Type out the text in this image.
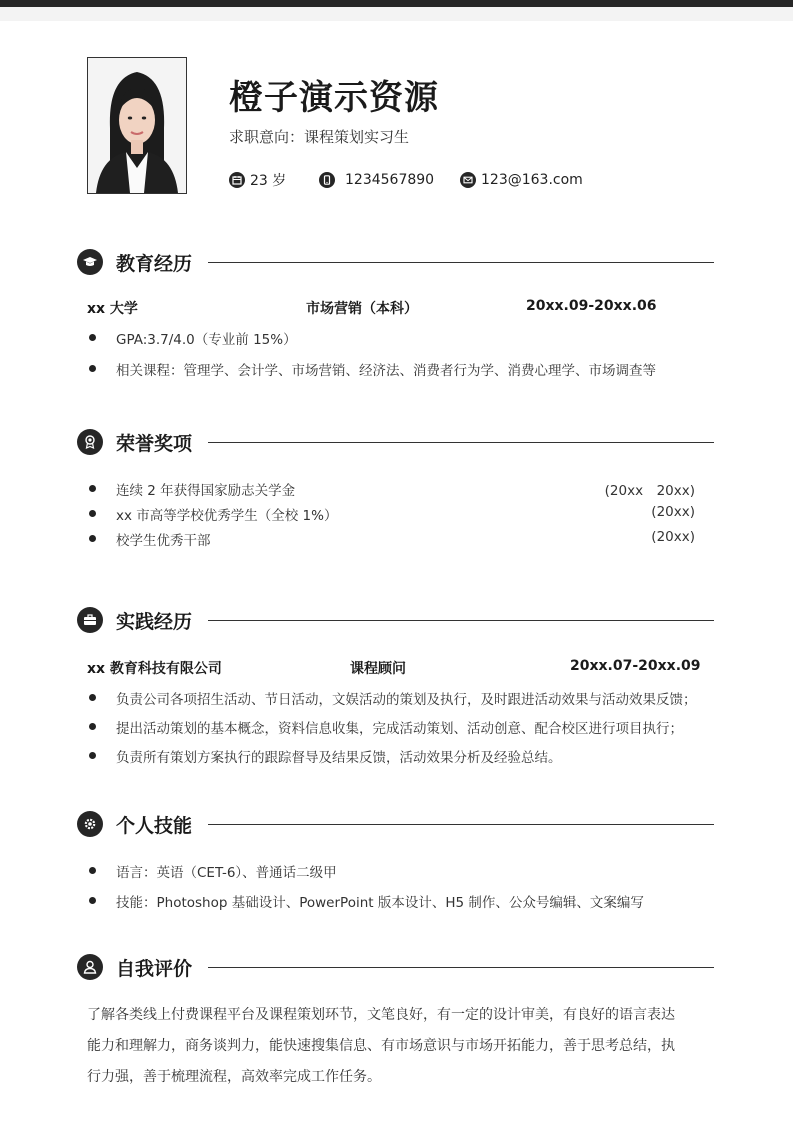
橙子演示资源
求职意向：课程策划实习生
23 岁	1234567890	123@163.com
教育经历
xx 大学	市场营销（本科）	20xx.09-20xx.06
GPA:3.7/4.0（专业前 15%）
相关课程：管理学、会计学、市场营销、经济法、消费者行为学、消费心理学、市场调查等
荣誉奖项
连续 2 年获得国家励志关学金	(20xx　20xx)
xx 市高等学校优秀学生（全校 1%）	(20xx)
校学生优秀干部	(20xx)
实践经历
xx 教育科技有限公司	课程顾问	20xx.07-20xx.09
负责公司各项招生活动、节日活动，文娱活动的策划及执行，及时跟进活动效果与活动效果反馈；
提出活动策划的基本概念，资料信息收集，完成活动策划、活动创意、配合校区进行项目执行；
负责所有策划方案执行的跟踪督导及结果反馈，活动效果分析及经验总结。
个人技能
语言：英语（CET-6）、普通话二级甲
技能：Photoshop 基础设计、PowerPoint 版本设计、H5 制作、公众号编辑、文案编写
自我评价
了解各类线上付费课程平台及课程策划环节，文笔良好，有一定的设计审美，有良好的语言表达
能力和理解力，商务谈判力，能快速搜集信息、有市场意识与市场开拓能力，善于思考总结，执
行力强，善于梳理流程，高效率完成工作任务。
